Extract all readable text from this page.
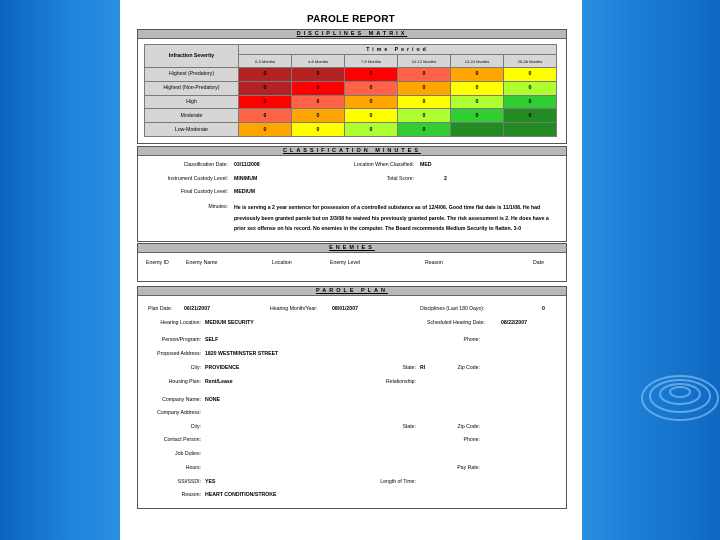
PAROLE REPORT
DISCIPLINES MATRIX
Infraction Severity	Time Period					
	0-3 Months	4-6 Months	7-9 Months	10-12 Months	13-24 Months	25-36 Months
Highest (Predatory)	0	0	0	0	0	0
Highest (Non-Predatory)	0	0	0	0	0	0
High	0	0	0	0	0	0
Moderate	0	0	0	0	0	0
Low-Moderate	0	0	0	0		
CLASSIFICATION MINUTES
Classification Date: 03/11/2008	Location When Classified: MED
Instrument Custody Level: MINIMUM	Total Score:	2
Final Custody Level: MEDIUM
Minutes: He is serving a 2 year sentence for possession of a controlled substance as of 12/4/06. Good time flat date is 11/1/08. He had previously been granted parole but on 3/3/08 he waived his previously granted parole. The risk assessment is 2. He does have a prior sex offense on his record. No enemies in the computer. The Board recommends Medium Security to flatten. 3-0
ENEMIES
Enemy ID	Enemy Name	Location	Enemy Level	Reason	Date
PAROLE PLAN
Plan Date: 06/21/2007	Hearing Month/Year:	08/01/2007	Disciplines (Last 180 Days):	0
Hearing Location: MEDIUM SECURITY	Scheduled Hearing Date:	08/22/2007
Person/Program: SELF	Phone:
Proposed Address: 1820 WESTMINSTER STREET
City: PROVIDENCE	State: RI	Zip Code:
Housing Plan: Rent/Lease	Relationship:
Company Name: NONE
Company Address:
City:	State:	Zip Code:
Contact Person:	Phone:
Job Duties:
Hours:	Pay Rate:
SSI/SSDI: YES	Length of Time:
Reason: HEART CONDITION/STROKE
